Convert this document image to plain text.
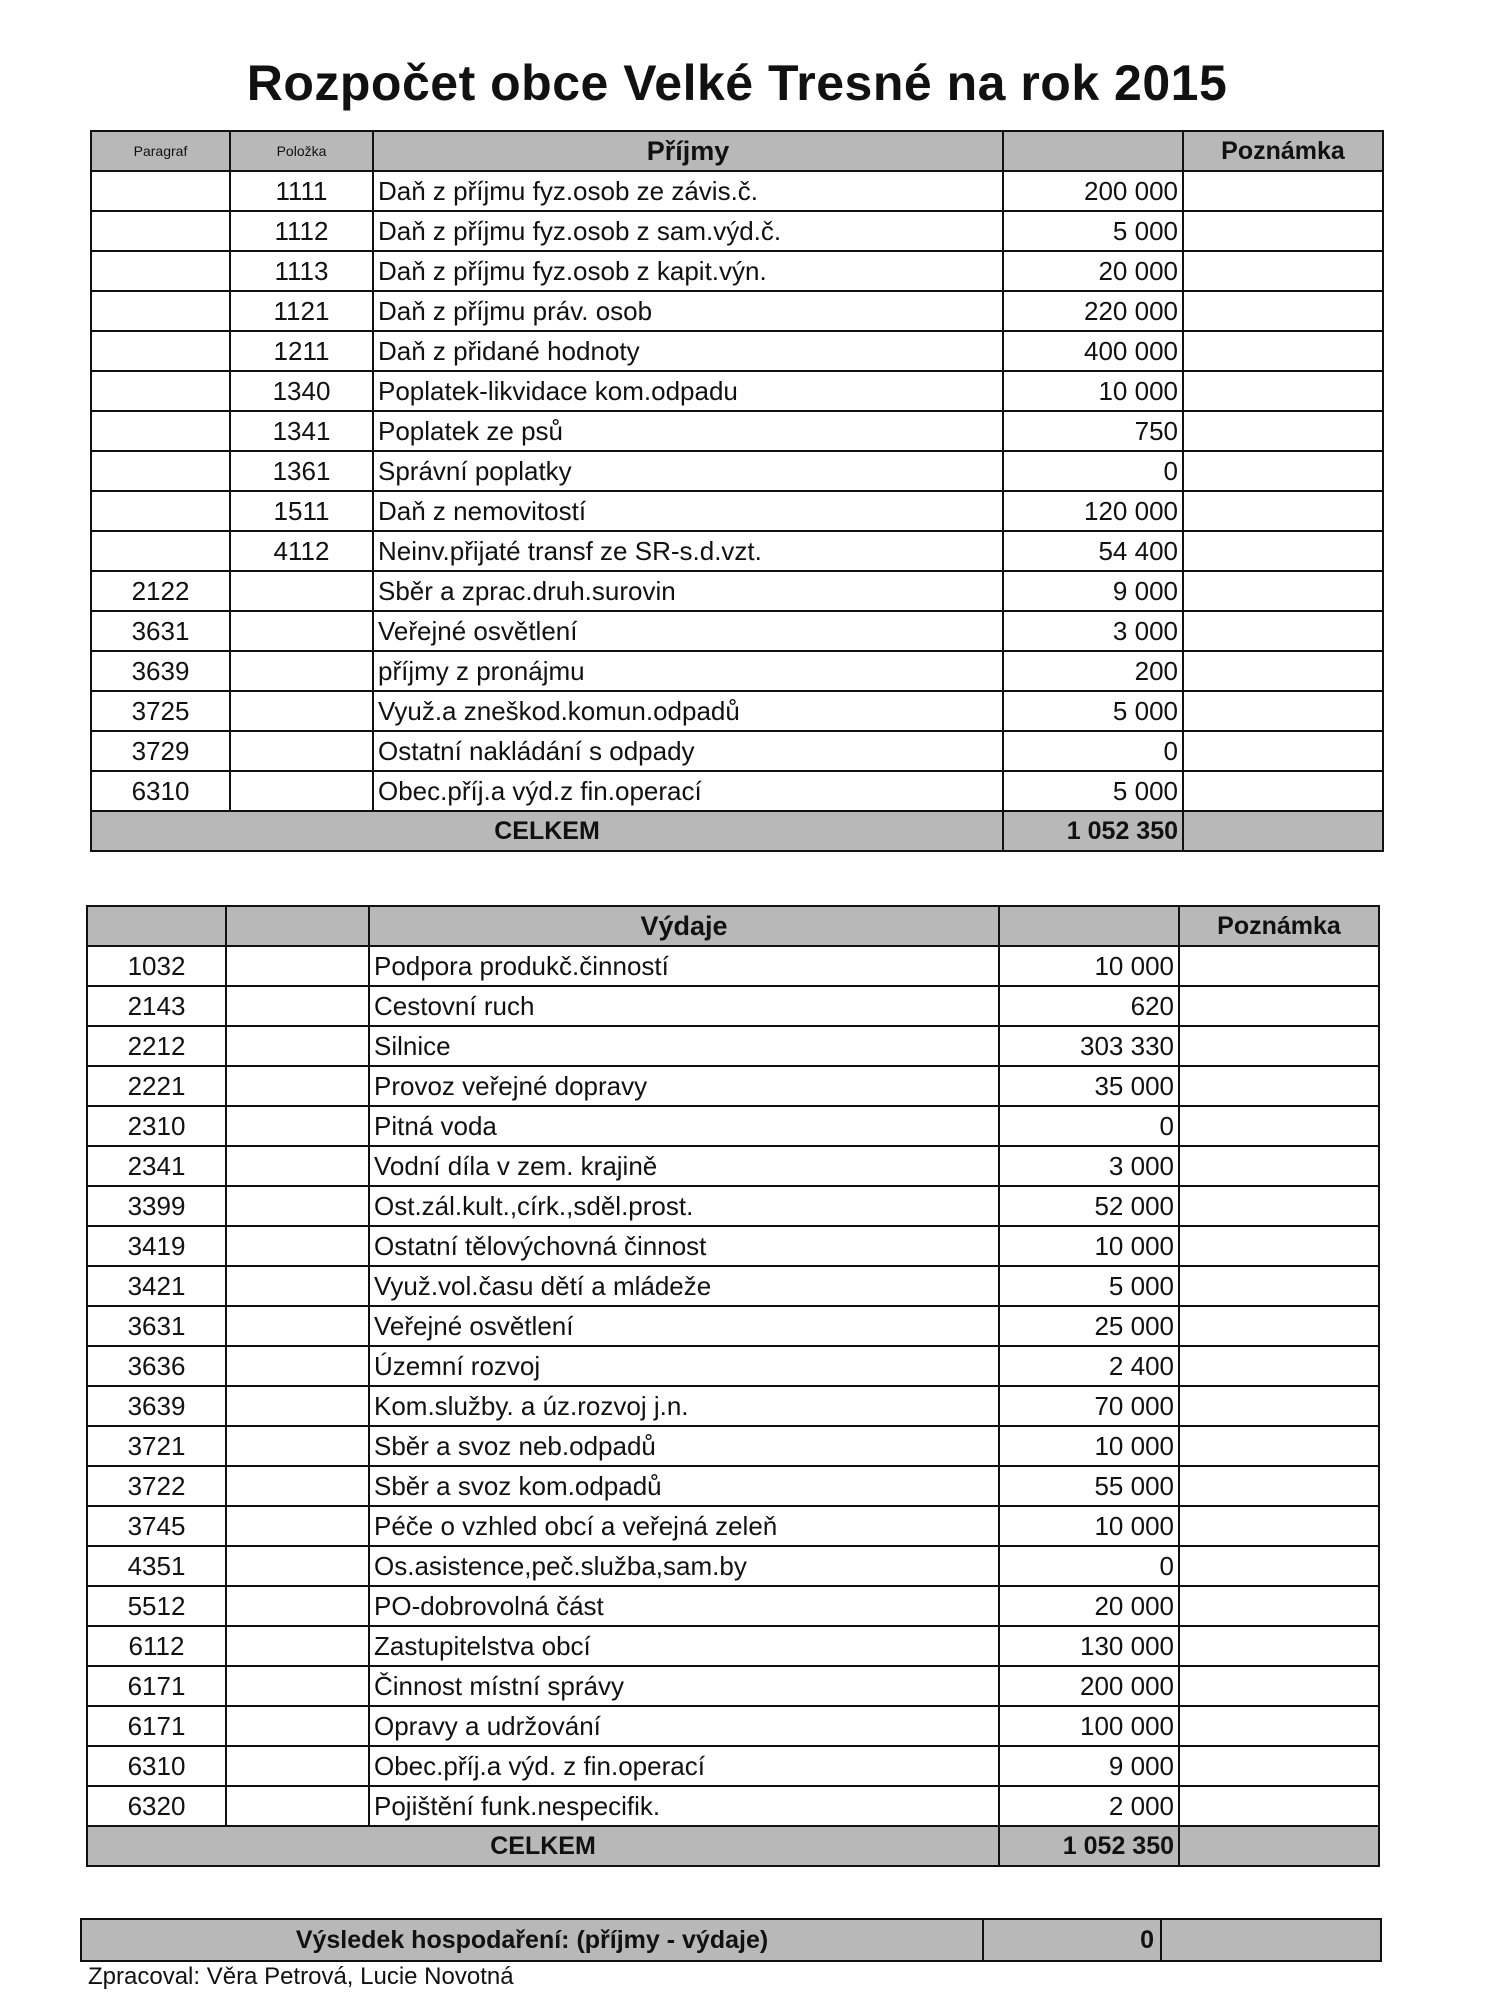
Rozpočet obce Velké Tresné na rok 2015
Paragraf	Položka	Příjmy		Poznámka
	1111	Daň z příjmu fyz.osob ze závis.č.	200 000	
	1112	Daň z příjmu fyz.osob z sam.výd.č.	5 000	
	1113	Daň z příjmu fyz.osob z kapit.výn.	20 000	
	1121	Daň z příjmu práv. osob	220 000	
	1211	Daň z přidané hodnoty	400 000	
	1340	Poplatek-likvidace kom.odpadu	10 000	
	1341	Poplatek ze psů	750	
	1361	Správní poplatky	0	
	1511	Daň z nemovitostí	120 000	
	4112	Neinv.přijaté transf ze SR-s.d.vzt.	54 400	
2122		Sběr a zprac.druh.surovin	9 000	
3631		Veřejné osvětlení	3 000	
3639		příjmy z pronájmu	200	
3725		Využ.a zneškod.komun.odpadů	5 000	
3729		Ostatní nakládání s odpady	0	
6310		Obec.příj.a výd.z fin.operací	5 000	
CELKEM			1 052 350	
		Výdaje		Poznámka
1032		Podpora produkč.činností	10 000	
2143		Cestovní ruch	620	
2212		Silnice	303 330	
2221		Provoz veřejné dopravy	35 000	
2310		Pitná voda	0	
2341		Vodní díla v zem. krajině	3 000	
3399		Ost.zál.kult.,círk.,sděl.prost.	52 000	
3419		Ostatní tělovýchovná činnost	10 000	
3421		Využ.vol.času dětí a mládeže	5 000	
3631		Veřejné osvětlení	25 000	
3636		Územní rozvoj	2 400	
3639		Kom.služby. a úz.rozvoj j.n.	70 000	
3721		Sběr a svoz neb.odpadů	10 000	
3722		Sběr a svoz kom.odpadů	55 000	
3745		Péče o vzhled obcí a veřejná zeleň	10 000	
4351		Os.asistence,peč.služba,sam.by	0	
5512		PO-dobrovolná část	20 000	
6112		Zastupitelstva obcí	130 000	
6171		Činnost místní správy	200 000	
6171		Opravy a udržování	100 000	
6310		Obec.příj.a výd. z fin.operací	9 000	
6320		Pojištění funk.nespecifik.	2 000	
CELKEM			1 052 350	
Výsledek hospodaření: (příjmy - výdaje)	0
Zpracoval: Věra Petrová, Lucie Novotná
